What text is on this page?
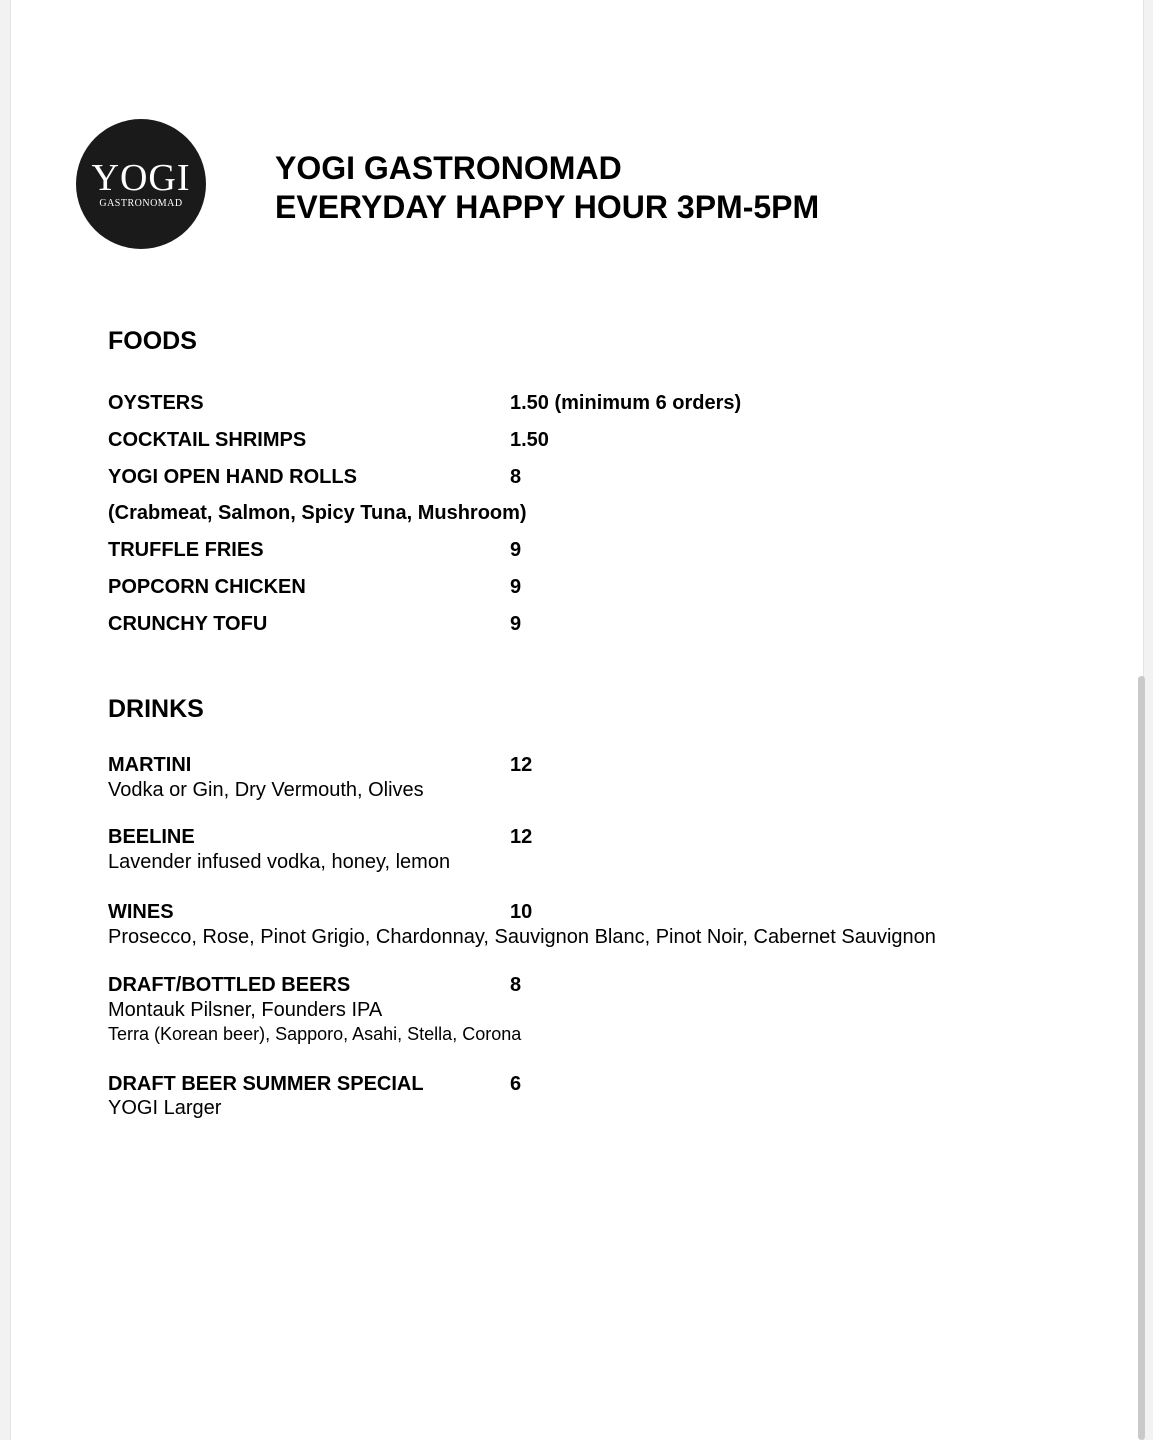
YOGI
GASTRONOMAD
YOGI GASTRONOMAD
EVERYDAY HAPPY HOUR 3PM-5PM
FOODS
OYSTERS	1.50 (minimum 6 orders)
COCKTAIL SHRIMPS	1.50
YOGI OPEN HAND ROLLS	8
(Crabmeat, Salmon, Spicy Tuna, Mushroom)
TRUFFLE FRIES	9
POPCORN CHICKEN	9
CRUNCHY TOFU	9
DRINKS
MARTINI	12
Vodka or Gin, Dry Vermouth, Olives
BEELINE	12
Lavender infused vodka, honey, lemon
WINES	10
Prosecco, Rose, Pinot Grigio, Chardonnay, Sauvignon Blanc, Pinot Noir, Cabernet Sauvignon
DRAFT/BOTTLED BEERS	8
Montauk Pilsner, Founders IPA
Terra (Korean beer), Sapporo, Asahi, Stella, Corona
DRAFT BEER SUMMER SPECIAL	6
YOGI Larger
